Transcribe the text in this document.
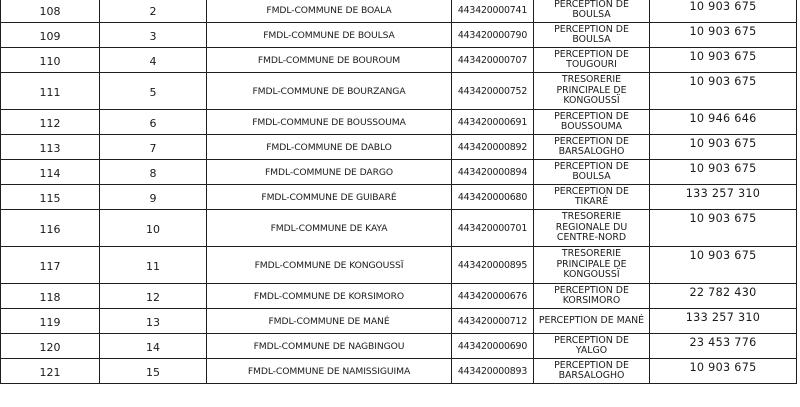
108	2	FMDL-COMMUNE DE BOALA	443420000741	PERCEPTION DE
BOULSA	10 903 675
109	3	FMDL-COMMUNE DE BOULSA	443420000790	PERCEPTION DE
BOULSA	10 903 675
110	4	FMDL-COMMUNE DE BOUROUM	443420000707	PERCEPTION DE
TOUGOURI	10 903 675
111	5	FMDL-COMMUNE DE BOURZANGA	443420000752	TRESORERIE
PRINCIPALE DE
KONGOUSSÏ	10 903 675
112	6	FMDL-COMMUNE DE BOUSSOUMA	443420000691	PERCEPTION DE
BOUSSOUMA	10 946 646
113	7	FMDL-COMMUNE DE DABLO	443420000892	PERCEPTION DE
BARSALOGHO	10 903 675
114	8	FMDL-COMMUNE DE DARGO	443420000894	PERCEPTION DE
BOULSA	10 903 675
115	9	FMDL-COMMUNE DE GUIBARÉ	443420000680	PERCEPTION DE
TIKARÉ	133 257 310
116	10	FMDL-COMMUNE DE KAYA	443420000701	TRESORERIE
REGIONALE DU
CENTRE-NORD	10 903 675
117	11	FMDL-COMMUNE DE KONGOUSSÏ	443420000895	TRESORERIE
PRINCIPALE DE
KONGOUSSÏ	10 903 675
118	12	FMDL-COMMUNE DE KORSIMORO	443420000676	PERCEPTION DE
KORSIMORO	22 782 430
119	13	FMDL-COMMUNE DE MANÉ	443420000712	PERCEPTION DE MANÉ	133 257 310
120	14	FMDL-COMMUNE DE NAGBINGOU	443420000690	PERCEPTION DE
YALGO	23 453 776
121	15	FMDL-COMMUNE DE NAMISSIGUIMA	443420000893	PERCEPTION DE
BARSALOGHO	10 903 675
